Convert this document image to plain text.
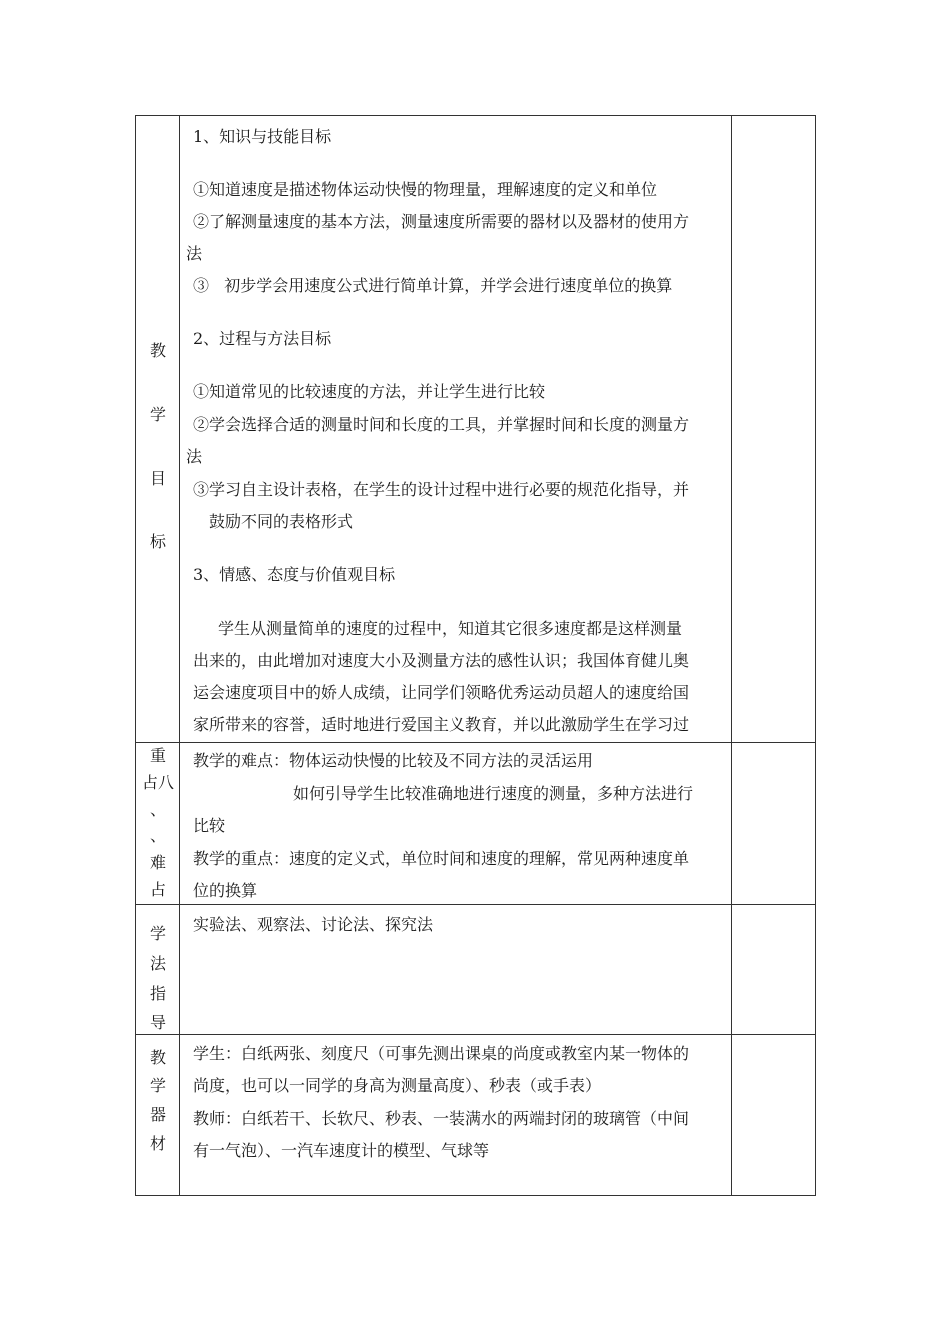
教
学
目
标
1、知识与技能目标
①知道速度是描述物体运动快慢的物理量，理解速度的定义和单位
②了解测量速度的基本方法，测量速度所需要的器材以及器材的使用方
法
③   初步学会用速度公式进行简单计算，并学会进行速度单位的换算
2、过程与方法目标
①知道常见的比较速度的方法，并让学生进行比较
②学会选择合适的测量时间和长度的工具，并掌握时间和长度的测量方
法
③学习自主设计表格，在学生的设计过程中进行必要的规范化指导，并
鼓励不同的表格形式
3、情感、态度与价值观目标
学生从测量简单的速度的过程中，知道其它很多速度都是这样测量
出来的，由此增加对速度大小及测量方法的感性认识；我国体育健儿奥
运会速度项目中的娇人成绩，让同学们领略优秀运动员超人的速度给国
家所带来的容誉，适时地进行爱国主义教育，并以此激励学生在学习过
重
占八
、
、
难
占
教学的难点：物体运动快慢的比较及不同方法的灵活运用
如何引导学生比较准确地进行速度的测量，多种方法进行
比较
教学的重点：速度的定义式，单位时间和速度的理解，常见两种速度单
位的换算
学
法
指
导
实验法、观察法、讨论法、探究法
教
学
器
材
学生：白纸两张、刻度尺（可事先测出课桌的尚度或教室内某一物体的
尚度，也可以一同学的身高为测量高度）、秒表（或手表）
教师：白纸若干、长软尺、秒表、一装满水的两端封闭的玻璃管（中间
有一气泡）、一汽车速度计的模型、气球等
